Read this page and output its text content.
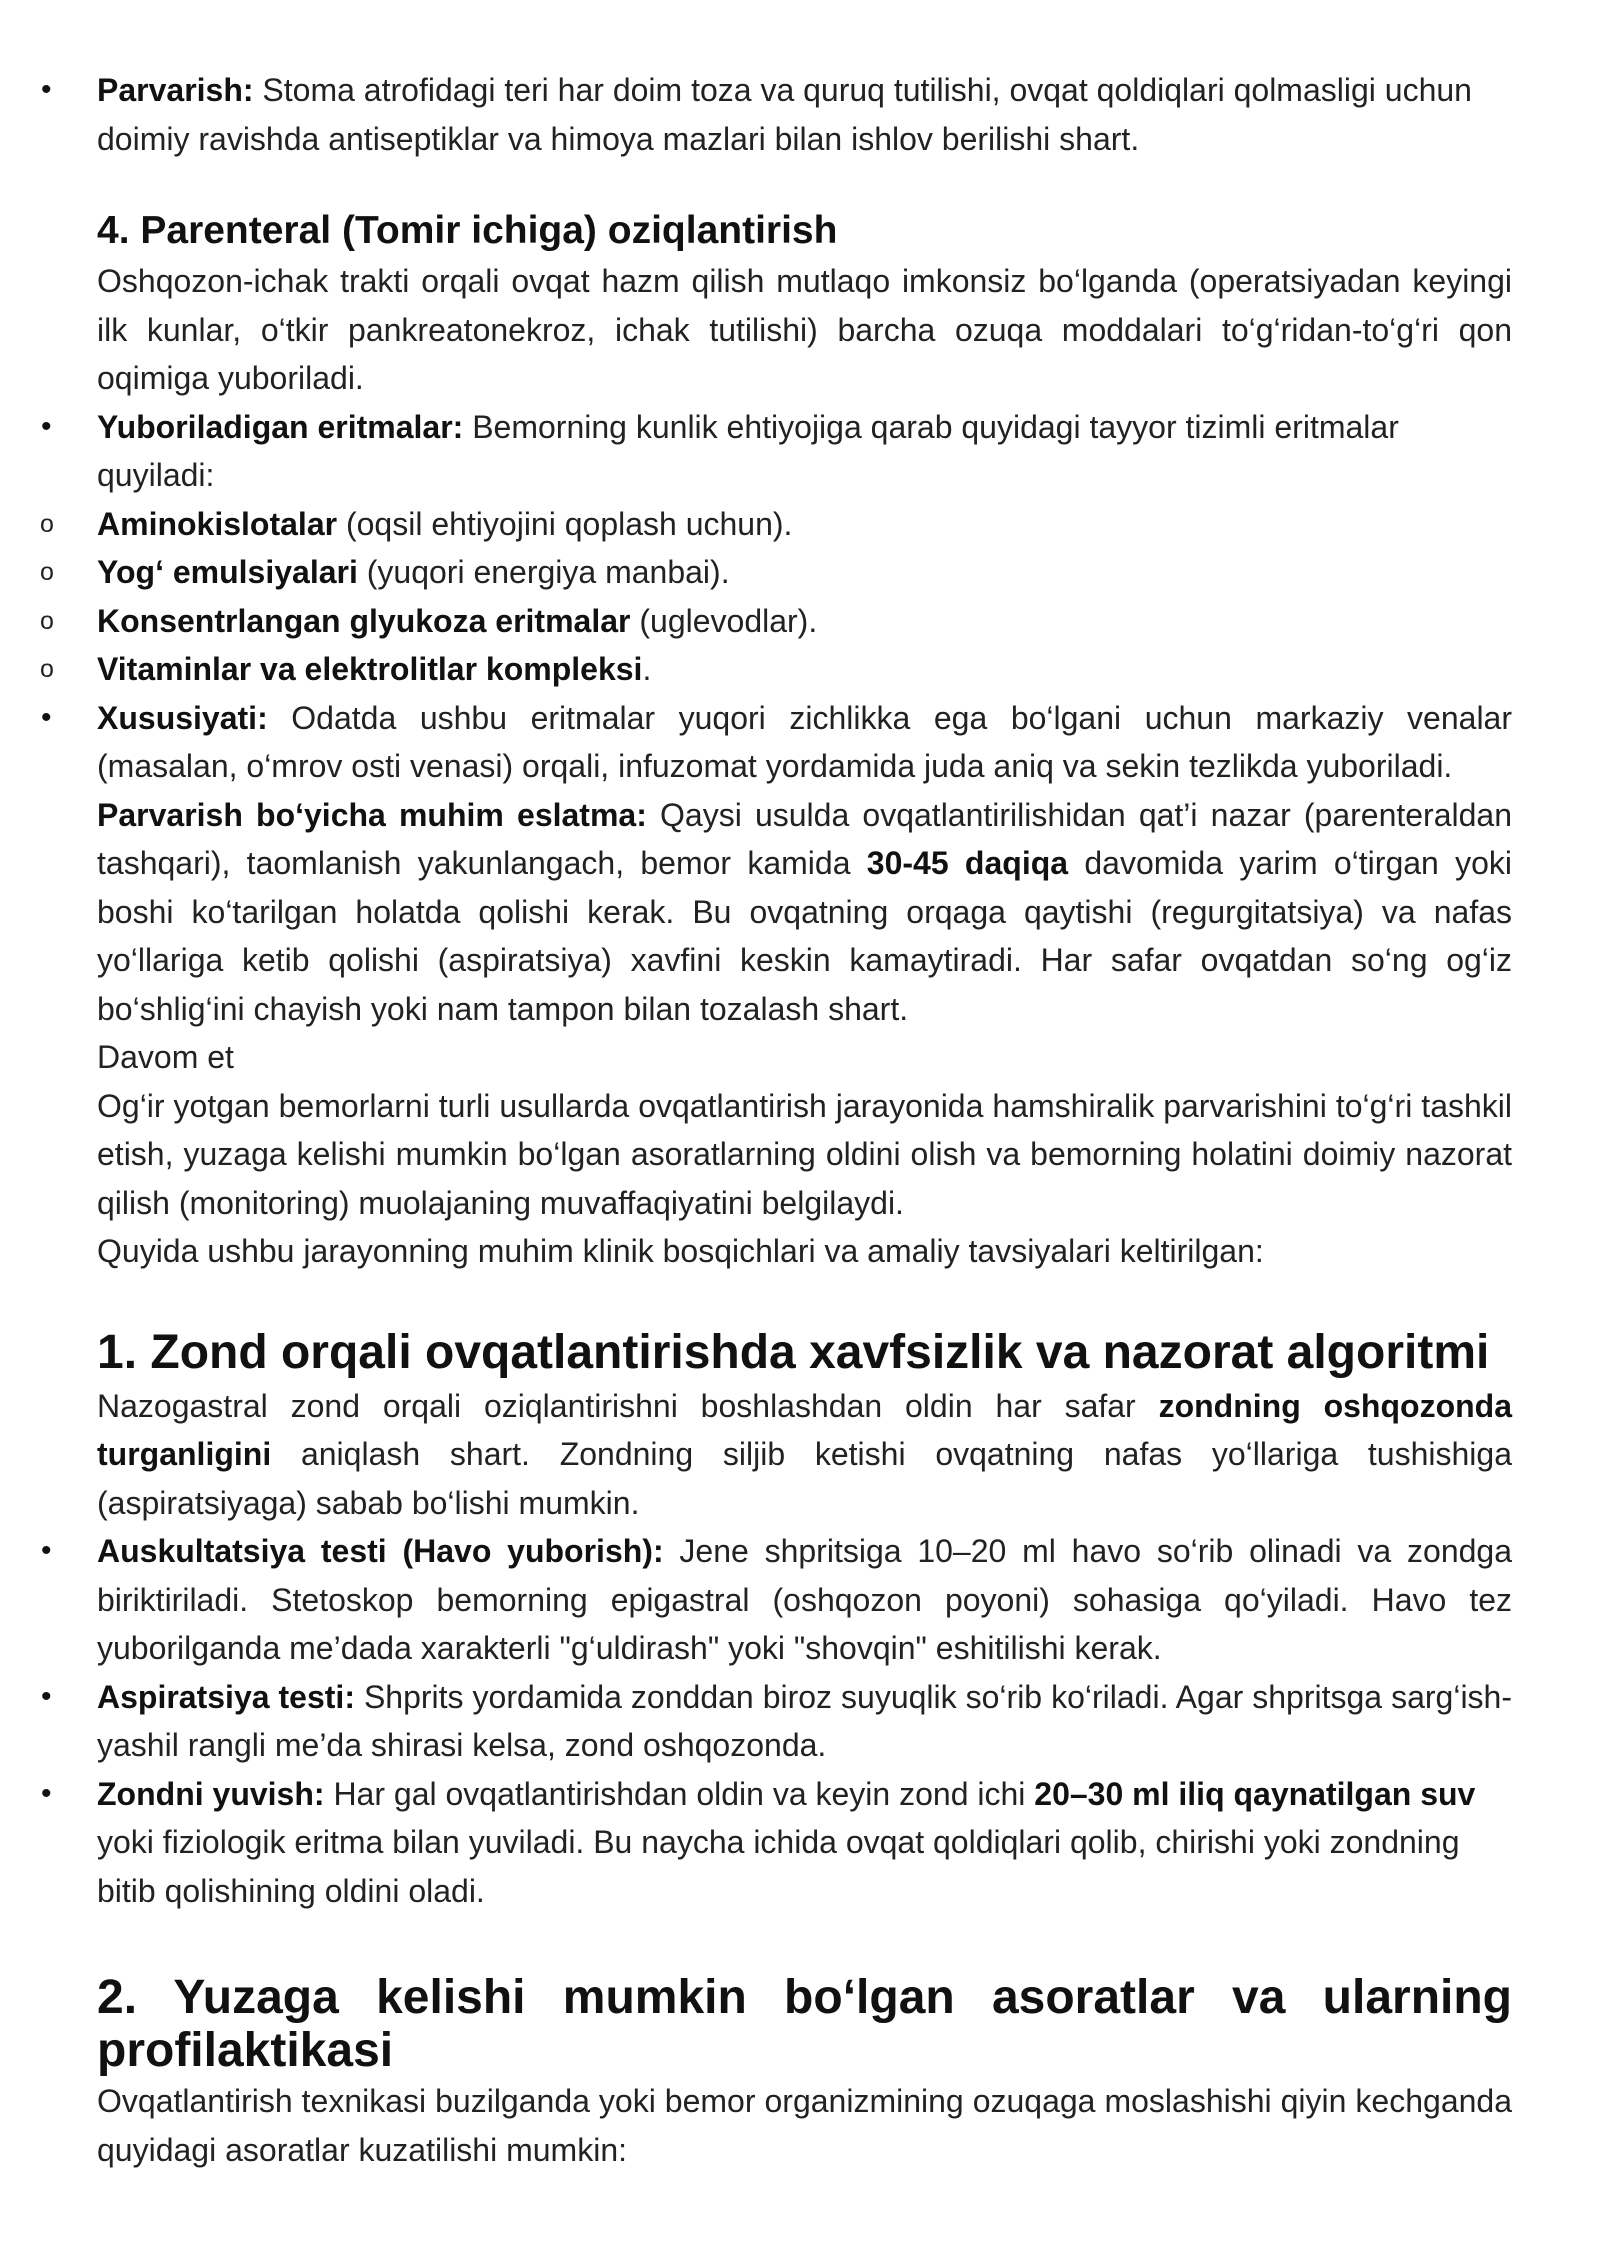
• Parvarish: Stoma atrofidagi teri har doim toza va quruq tutilishi, ovqat qoldiqlari qolmasligi uchun doimiy ravishda antiseptiklar va himoya mazlari bilan ishlov berilishi shart.

4. Parenteral (Tomir ichiga) oziqlantirish

Oshqozon-ichak trakti orqali ovqat hazm qilish mutlaqo imkonsiz bo‘lganda (operatsiyadan keyingi ilk kunlar, o‘tkir pankreatonekroz, ichak tutilishi) barcha ozuqa moddalari to‘g‘ridan-to‘g‘ri qon oqimiga yuboriladi.

• Yuboriladigan eritmalar: Bemorning kunlik ehtiyojiga qarab quyidagi tayyor tizimli eritmalar quyiladi:

o Aminokislotalar (oqsil ehtiyojini qoplash uchun).

o Yog‘ emulsiyalari (yuqori energiya manbai).

o Konsentrlangan glyukoza eritmalar (uglevodlar).

o Vitaminlar va elektrolitlar kompleksi.

• Xususiyati: Odatda ushbu eritmalar yuqori zichlikka ega bo‘lgani uchun markaziy venalar (masalan, o‘mrov osti venasi) orqali, infuzomat yordamida juda aniq va sekin tezlikda yuboriladi.

Parvarish bo‘yicha muhim eslatma: Qaysi usulda ovqatlantirilishidan qat’i nazar (parenteraldan tashqari), taomlanish yakunlangach, bemor kamida 30-45 daqiqa davomida yarim o‘tirgan yoki boshi ko‘tarilgan holatda qolishi kerak. Bu ovqatning orqaga qaytishi (regurgitatsiya) va nafas yo‘llariga ketib qolishi (aspiratsiya) xavfini keskin kamaytiradi. Har safar ovqatdan so‘ng og‘iz bo‘shlig‘ini chayish yoki nam tampon bilan tozalash shart.

Davom et

Og‘ir yotgan bemorlarni turli usullarda ovqatlantirish jarayonida hamshiralik parvarishini to‘g‘ri tashkil etish, yuzaga kelishi mumkin bo‘lgan asoratlarning oldini olish va bemorning holatini doimiy nazorat qilish (monitoring) muolajaning muvaffaqiyatini belgilaydi.

Quyida ushbu jarayonning muhim klinik bosqichlari va amaliy tavsiyalari keltirilgan:

1. Zond orqali ovqatlantirishda xavfsizlik va nazorat algoritmi

Nazogastral zond orqali oziqlantirishni boshlashdan oldin har safar zondning oshqozonda turganligini aniqlash shart. Zondning siljib ketishi ovqatning nafas yo‘llariga tushishiga (aspiratsiyaga) sabab bo‘lishi mumkin.

• Auskultatsiya testi (Havo yuborish): Jene shpritsiga 10–20 ml havo so‘rib olinadi va zondga biriktiriladi. Stetoskop bemorning epigastral (oshqozon poyoni) sohasiga qo‘yiladi. Havo tez yuborilganda me’dada xarakterli "g‘uldirash" yoki "shovqin" eshitilishi kerak.

• Aspiratsiya testi: Shprits yordamida zonddan biroz suyuqlik so‘rib ko‘riladi. Agar shpritsga sarg‘ish-yashil rangli me’da shirasi kelsa, zond oshqozonda.

• Zondni yuvish: Har gal ovqatlantirishdan oldin va keyin zond ichi 20–30 ml iliq qaynatilgan suv yoki fiziologik eritma bilan yuviladi. Bu naycha ichida ovqat qoldiqlari qolib, chirishi yoki zondning bitib qolishining oldini oladi.

2. Yuzaga kelishi mumkin bo‘lgan asoratlar va ularning profilaktikasi

Ovqatlantirish texnikasi buzilganda yoki bemor organizmining ozuqaga moslashishi qiyin kechganda quyidagi asoratlar kuzatilishi mumkin:
